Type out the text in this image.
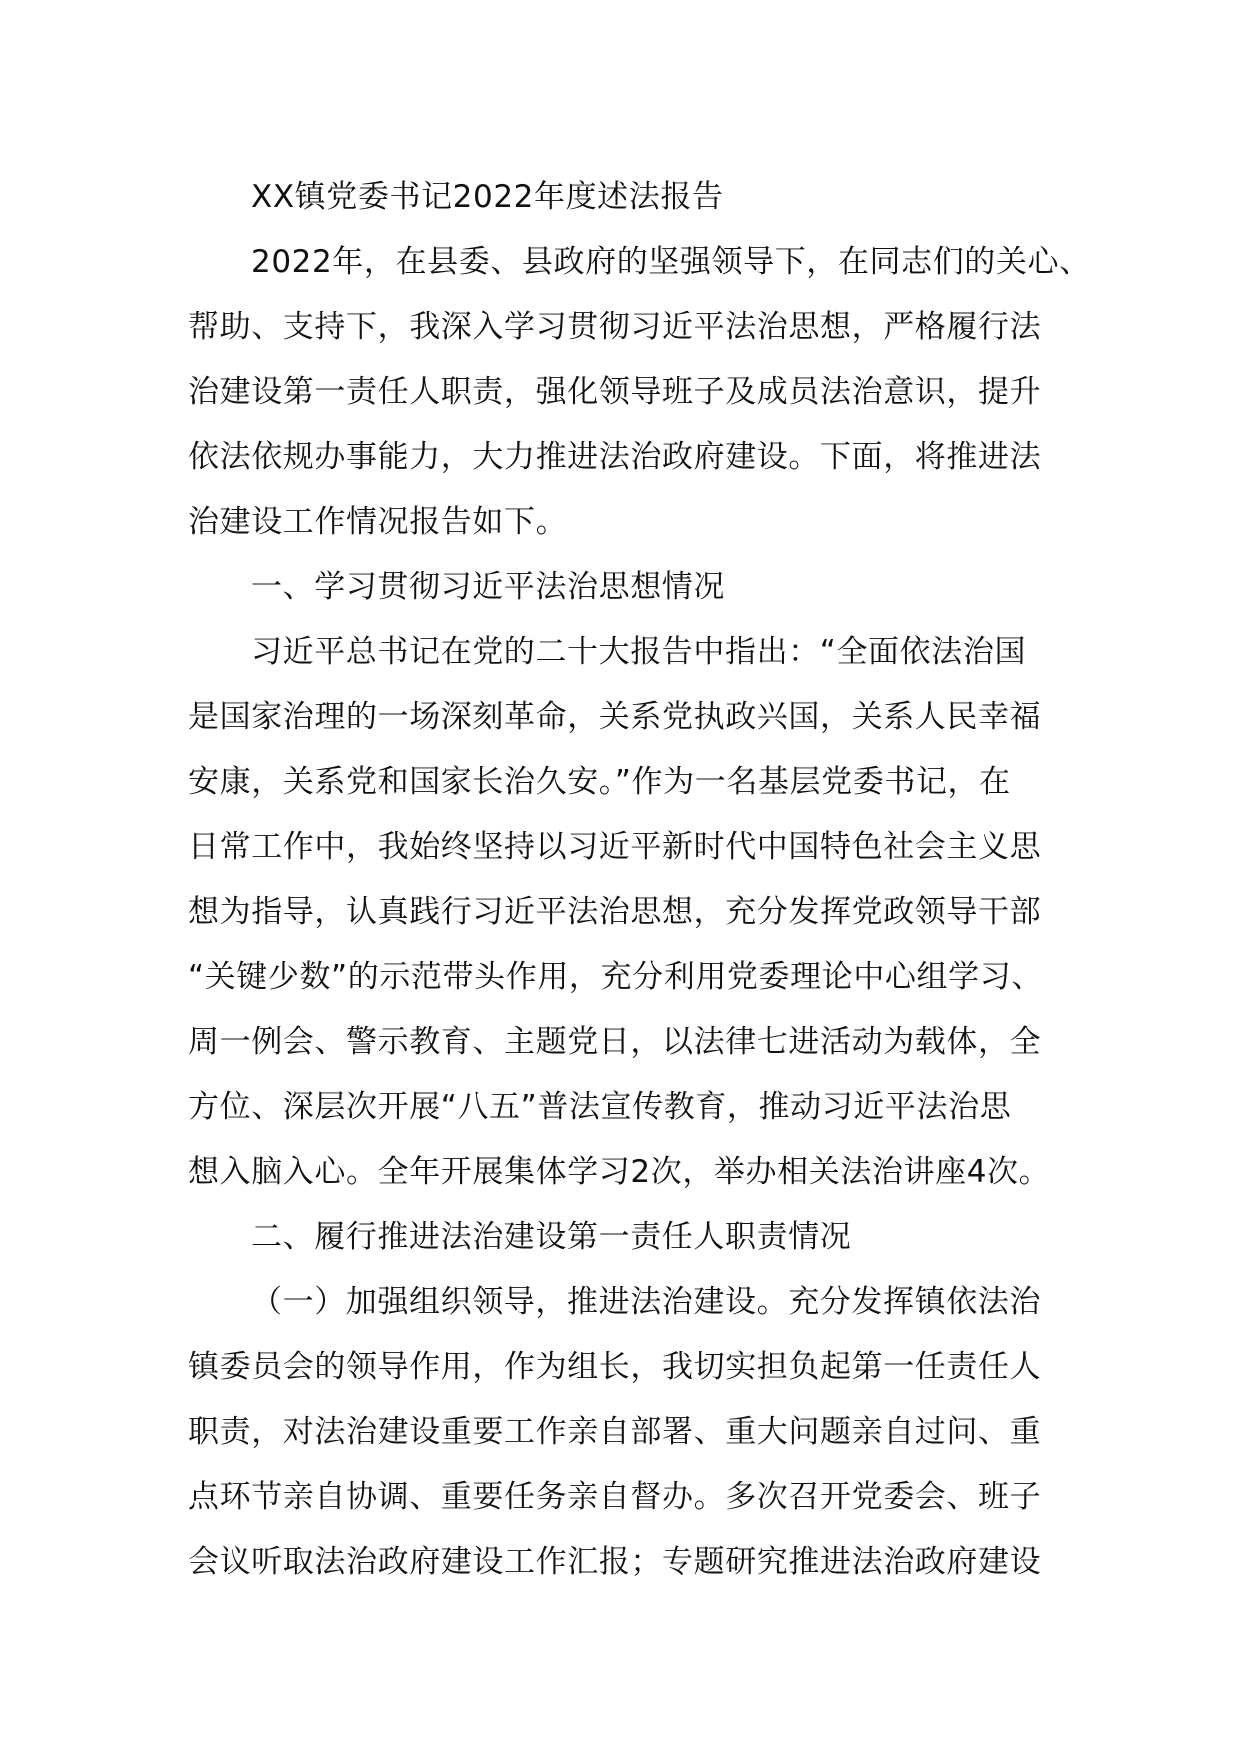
XX镇党委书记2022年度述法报告
2022年，在县委、县政府的坚强领导下，在同志们的关心、
帮助、支持下，我深入学习贯彻习近平法治思想，严格履行法
治建设第一责任人职责，强化领导班子及成员法治意识，提升
依法依规办事能力，大力推进法治政府建设。下面，将推进法
治建设工作情况报告如下。
一、学习贯彻习近平法治思想情况
习近平总书记在党的二十大报告中指出：“全面依法治国
是国家治理的一场深刻革命，关系党执政兴国，关系人民幸福
安康，关系党和国家长治久安。”作为一名基层党委书记，在
日常工作中，我始终坚持以习近平新时代中国特色社会主义思
想为指导，认真践行习近平法治思想，充分发挥党政领导干部
“关键少数”的示范带头作用，充分利用党委理论中心组学习、
周一例会、警示教育、主题党日，以法律七进活动为载体，全
方位、深层次开展“八五”普法宣传教育，推动习近平法治思
想入脑入心。全年开展集体学习2次，举办相关法治讲座4次。
二、履行推进法治建设第一责任人职责情况
（一）加强组织领导，推进法治建设。充分发挥镇依法治
镇委员会的领导作用，作为组长，我切实担负起第一任责任人
职责，对法治建设重要工作亲自部署、重大问题亲自过问、重
点环节亲自协调、重要任务亲自督办。多次召开党委会、班子
会议听取法治政府建设工作汇报；专题研究推进法治政府建设
